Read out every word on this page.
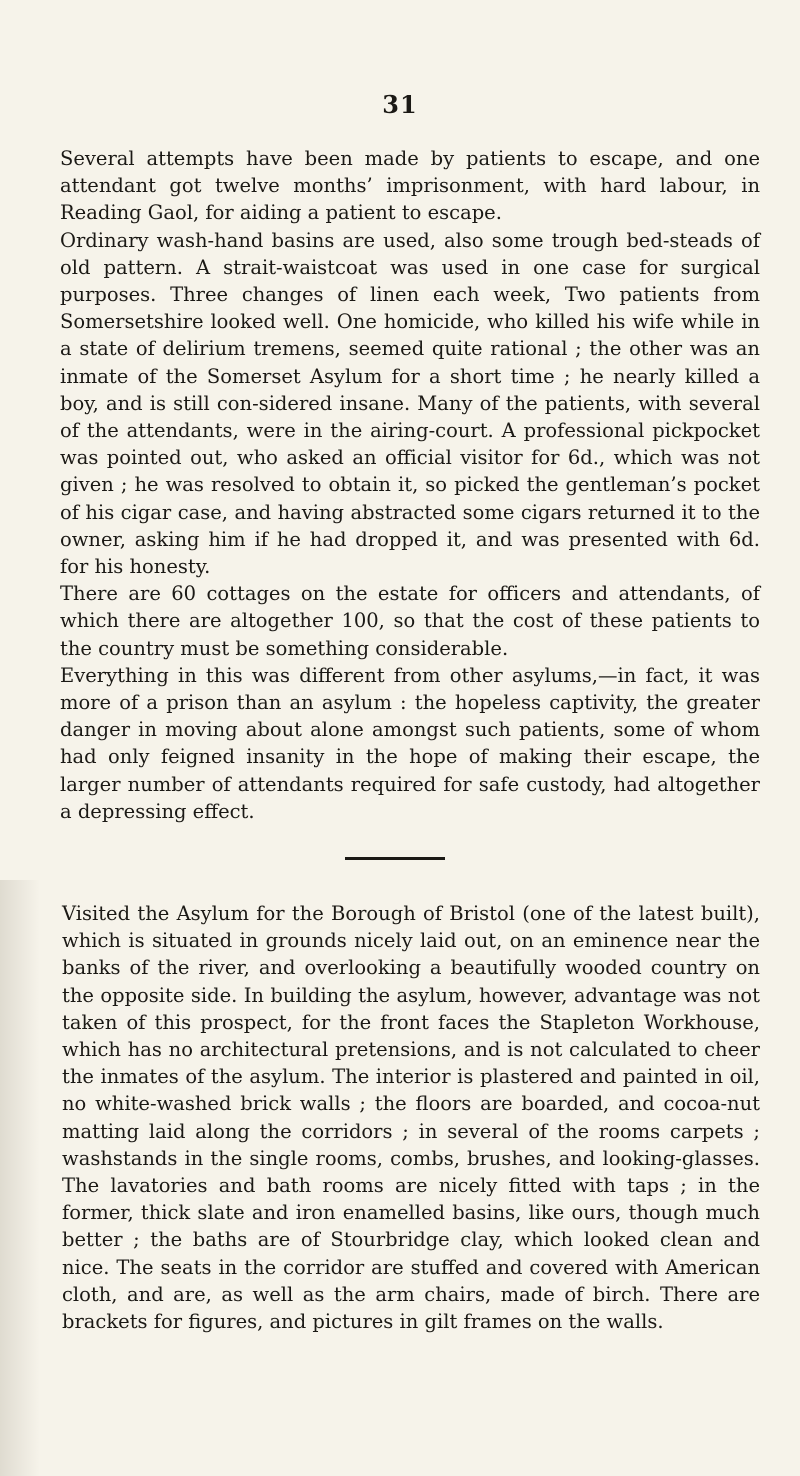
31

Several attempts have been made by patients to escape, and one attendant got twelve months’ imprisonment, with hard labour, in Reading Gaol, for aiding a patient to escape.

Ordinary wash-hand basins are used, also some trough bed-steads of old pattern. A strait-waistcoat was used in one case for surgical purposes. Three changes of linen each week, Two patients from Somersetshire looked well. One homicide, who killed his wife while in a state of delirium tremens, seemed quite rational ; the other was an inmate of the Somerset Asylum for a short time ; he nearly killed a boy, and is still con-sidered insane. Many of the patients, with several of the attendants, were in the airing-court. A professional pickpocket was pointed out, who asked an official visitor for 6d., which was not given ; he was resolved to obtain it, so picked the gentleman’s pocket of his cigar case, and having abstracted some cigars returned it to the owner, asking him if he had dropped it, and was presented with 6d. for his honesty.

There are 60 cottages on the estate for officers and attendants, of which there are altogether 100, so that the cost of these patients to the country must be something considerable.

Everything in this was different from other asylums,—in fact, it was more of a prison than an asylum : the hopeless captivity, the greater danger in moving about alone amongst such patients, some of whom had only feigned insanity in the hope of making their escape, the larger number of attendants required for safe custody, had altogether a depressing effect.

Visited the Asylum for the Borough of Bristol (one of the latest built), which is situated in grounds nicely laid out, on an eminence near the banks of the river, and overlooking a beautifully wooded country on the opposite side. In building the asylum, however, advantage was not taken of this prospect, for the front faces the Stapleton Workhouse, which has no architectural pretensions, and is not calculated to cheer the inmates of the asylum. The interior is plastered and painted in oil, no white-washed brick walls ; the floors are boarded, and cocoa-nut matting laid along the corridors ; in several of the rooms carpets ; washstands in the single rooms, combs, brushes, and looking-glasses. The lavatories and bath rooms are nicely fitted with taps ; in the former, thick slate and iron enamelled basins, like ours, though much better ; the baths are of Stourbridge clay, which looked clean and nice. The seats in the corridor are stuffed and covered with American cloth, and are, as well as the arm chairs, made of birch. There are brackets for figures, and pictures in gilt frames on the walls.
